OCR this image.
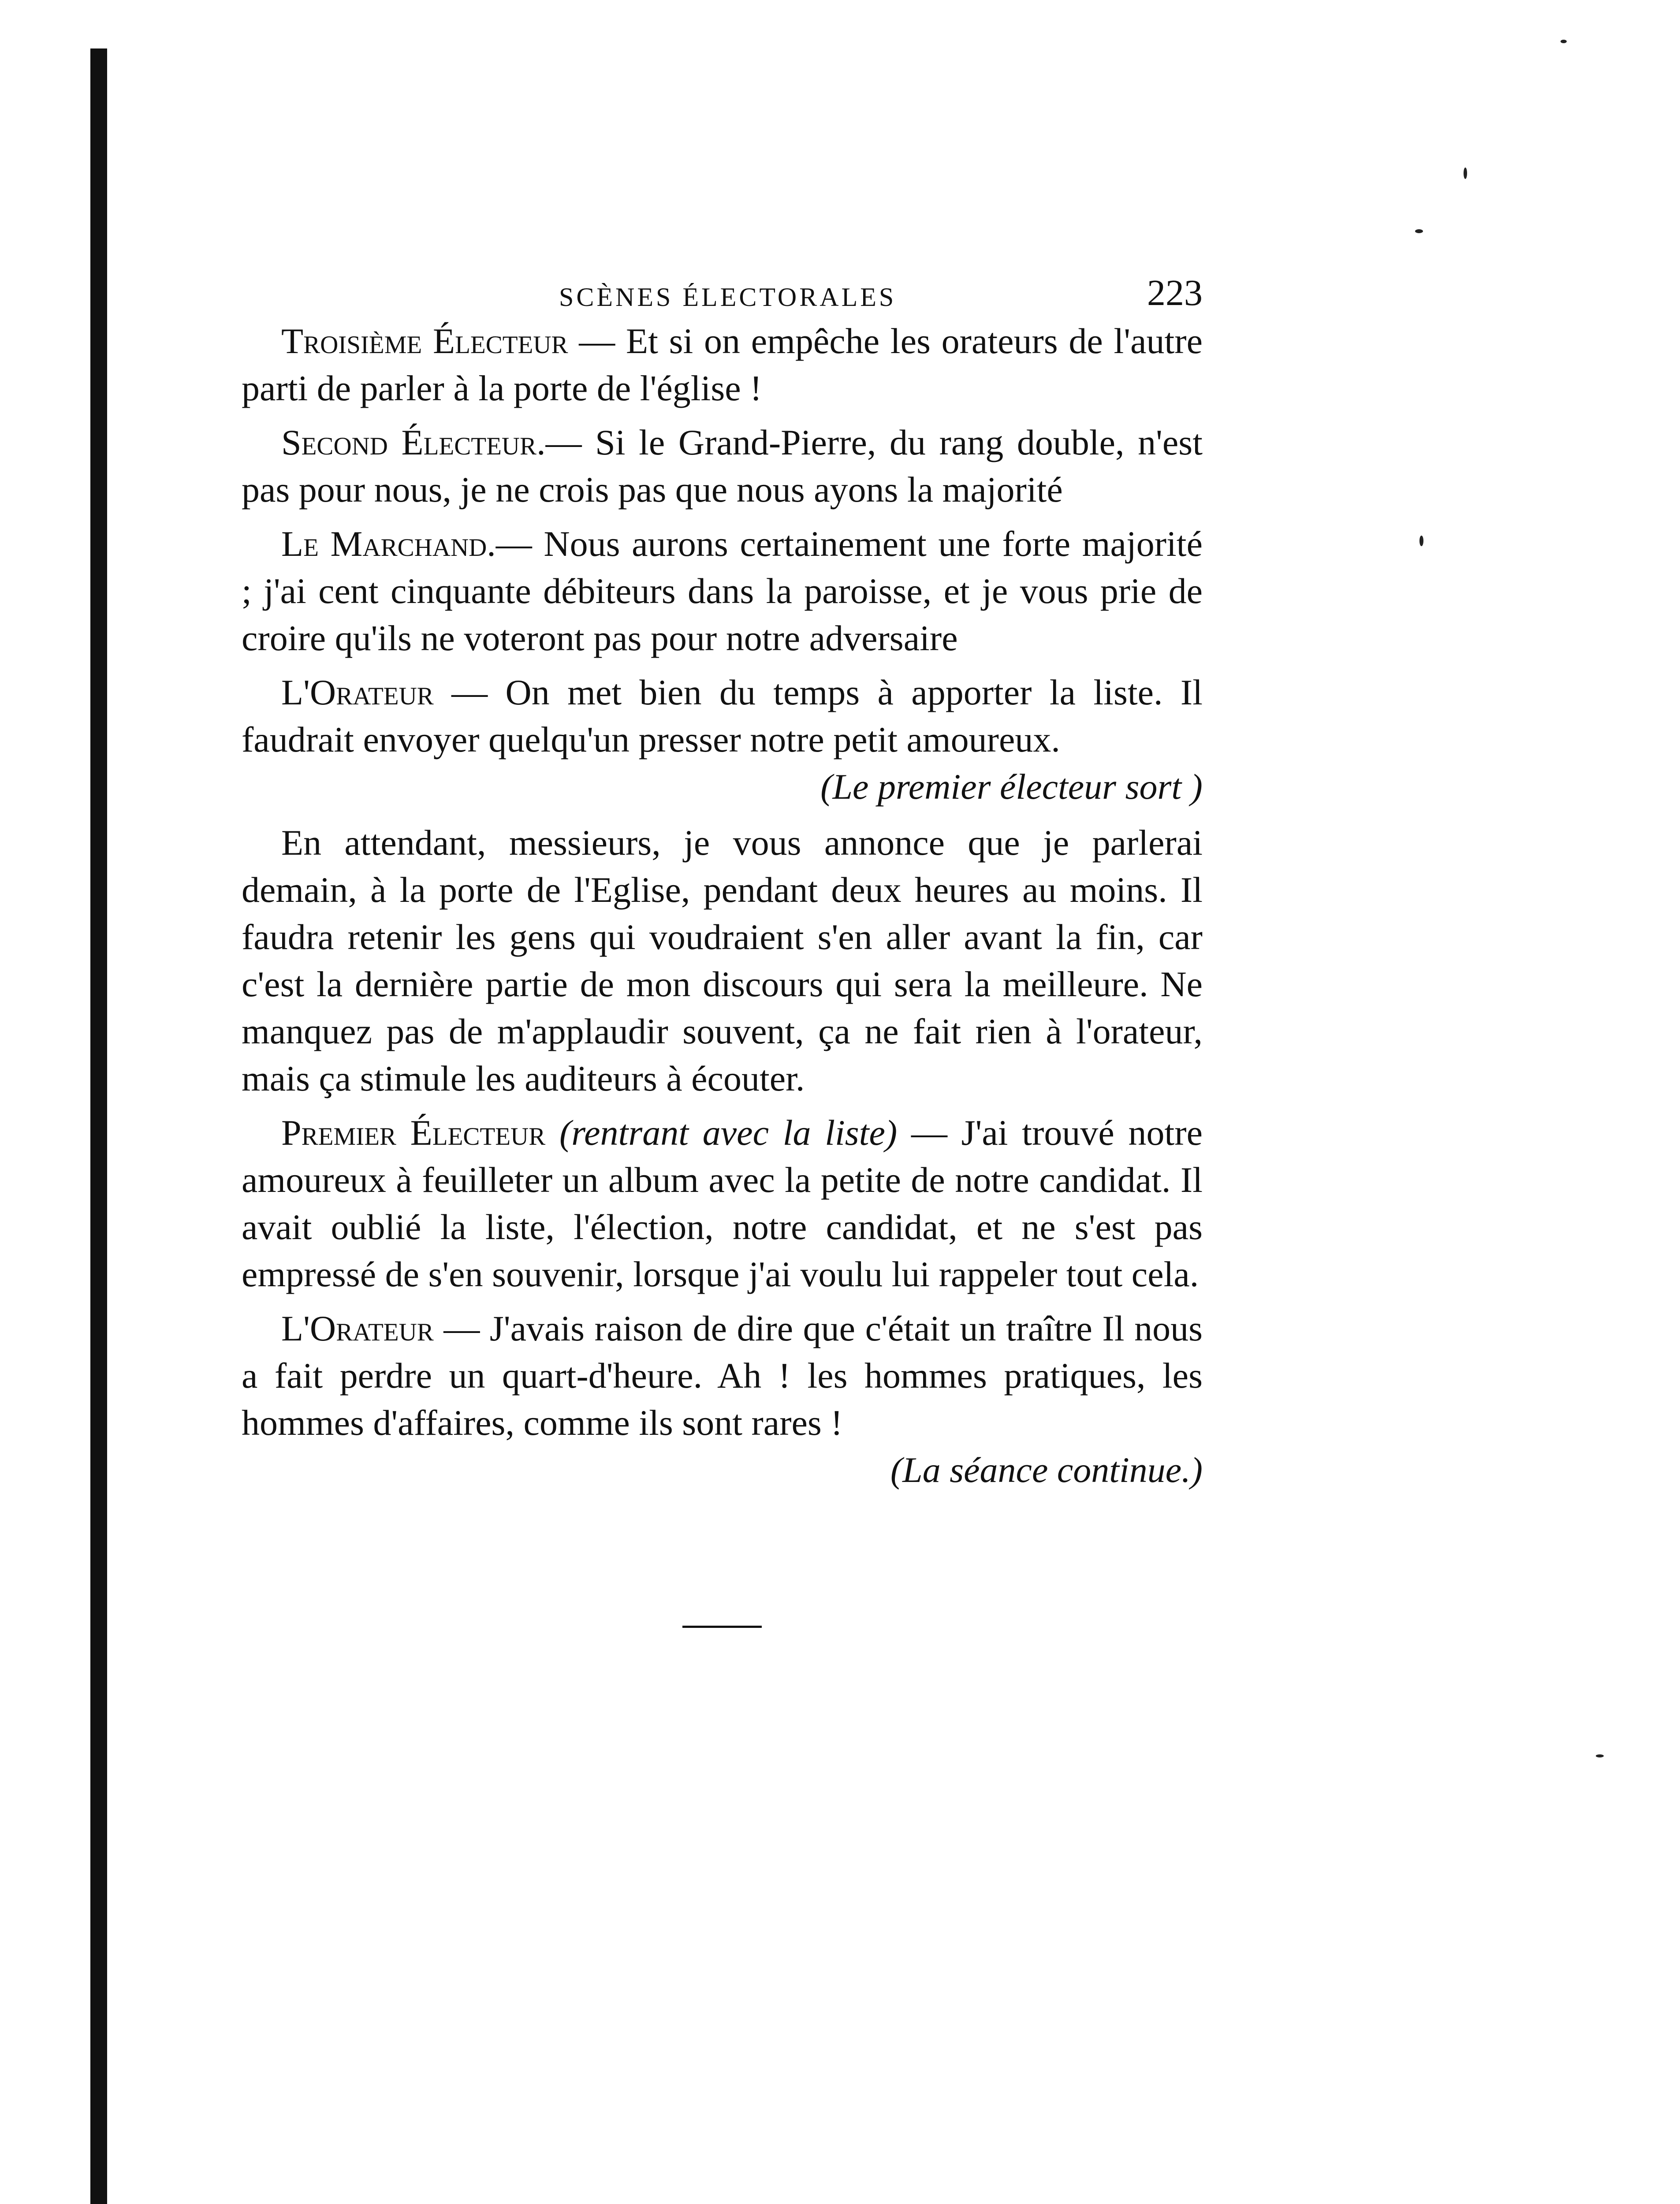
SCÈNES ÉLECTORALES	223

Troisième Électeur — Et si on empêche les orateurs de l'autre parti de parler à la porte de l'église !

Second Électeur.— Si le Grand-Pierre, du rang double, n'est pas pour nous, je ne crois pas que nous ayons la majorité

Le Marchand.— Nous aurons certainement une forte majorité ; j'ai cent cinquante débiteurs dans la paroisse, et je vous prie de croire qu'ils ne voteront pas pour notre adversaire

L'Orateur — On met bien du temps à apporter la liste. Il faudrait envoyer quelqu'un presser notre petit amoureux.

(Le premier électeur sort )

En attendant, messieurs, je vous annonce que je parlerai demain, à la porte de l'Eglise, pendant deux heures au moins. Il faudra retenir les gens qui voudraient s'en aller avant la fin, car c'est la dernière partie de mon discours qui sera la meilleure. Ne manquez pas de m'applaudir souvent, ça ne fait rien à l'orateur, mais ça stimule les auditeurs à écouter.

Premier Électeur (rentrant avec la liste) — J'ai trouvé notre amoureux à feuilleter un album avec la petite de notre candidat. Il avait oublié la liste, l'élection, notre candidat, et ne s'est pas empressé de s'en souvenir, lorsque j'ai voulu lui rappeler tout cela.

L'Orateur — J'avais raison de dire que c'était un traître Il nous a fait perdre un quart-d'heure. Ah ! les hommes pratiques, les hommes d'affaires, comme ils sont rares !

(La séance continue.)
